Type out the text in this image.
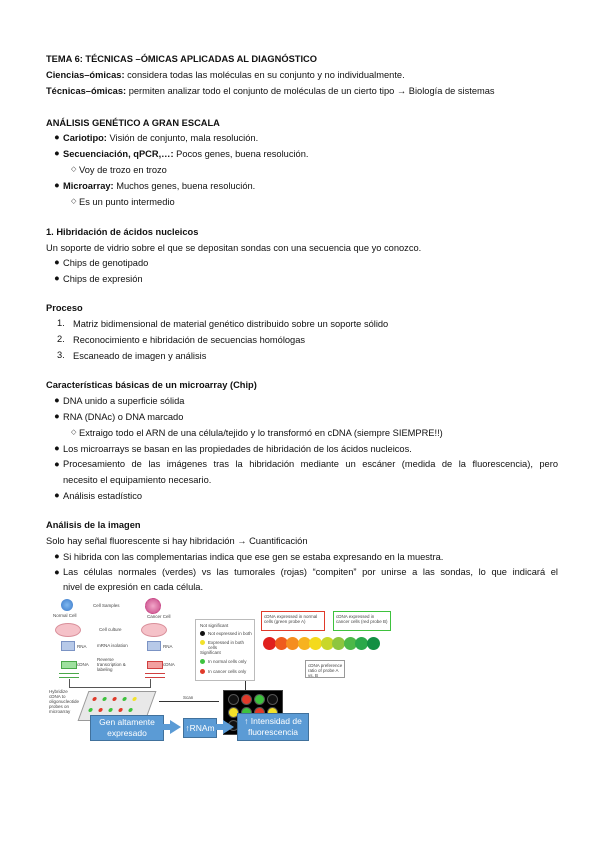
TEMA 6: TÉCNICAS –ÓMICAS APLICADAS AL DIAGNÓSTICO
Ciencias–ómicas: considera todas las moléculas en su conjunto y no individualmente.
Técnicas–ómicas: permiten analizar todo el conjunto de moléculas de un cierto tipo → Biología de sistemas
ANÁLISIS GENÉTICO A GRAN ESCALA
● Cariotipo: Visión de conjunto, mala resolución.
● Secuenciación, qPCR,…: Pocos genes, buena resolución.
◇ Voy de trozo en trozo
● Microarray: Muchos genes, buena resolución.
◇ Es un punto intermedio
1. Hibridación de ácidos nucleicos
Un soporte de vidrio sobre el que se depositan sondas con una secuencia que yo conozco.
● Chips de genotipado
● Chips de expresión
Proceso
1. Matriz bidimensional de material genético distribuido sobre un soporte sólido
2. Reconocimiento e hibridación de secuencias homólogas
3. Escaneado de imagen y análisis
Características básicas de un microarray (Chip)
● DNA unido a superficie sólida
● RNA (DNAc) o DNA marcado
◇ Extraigo todo el ARN de una célula/tejido y lo transformó en cDNA (siempre SIEMPRE!!)
● Los microarrays se basan en las propiedades de hibridación de los ácidos nucleicos.
● Procesamiento de las imágenes tras la hibridación mediante un escáner (medida de la fluorescencia), pero
necesito el equipamiento necesario.
● Análisis estadístico
Análisis de la imagen
Solo hay señal fluorescente si hay hibridación → Cuantificación
● Si hibrida con las complementarias indica que ese gen se estaba expresando en la muestra.
● Las células normales (verdes) vs las tumorales (rojas) “compiten” por unirse a las sondas, lo que indicará el
nivel de expresión en cada célula.
Normal Cell	Cancer Cell
Cell Samples
Cell culture
RNA	RNA
mRNA isolation
cDNA	cDNA
Reverse transcription & labeling
Hybridize cDNA to oligonucleotide probes on microarray
Scan
Not significant
Not expressed in both
Expressed in both cells
Significant
In normal cells only
In cancer cells only
cDNA expressed in normal cells (green probe A)
cDNA expressed in cancer cells (red probe B)
cDNA preference ratio of probe A vs. B
Gen altamente expresado
↑RNAm
↑ Intensidad de fluorescencia
